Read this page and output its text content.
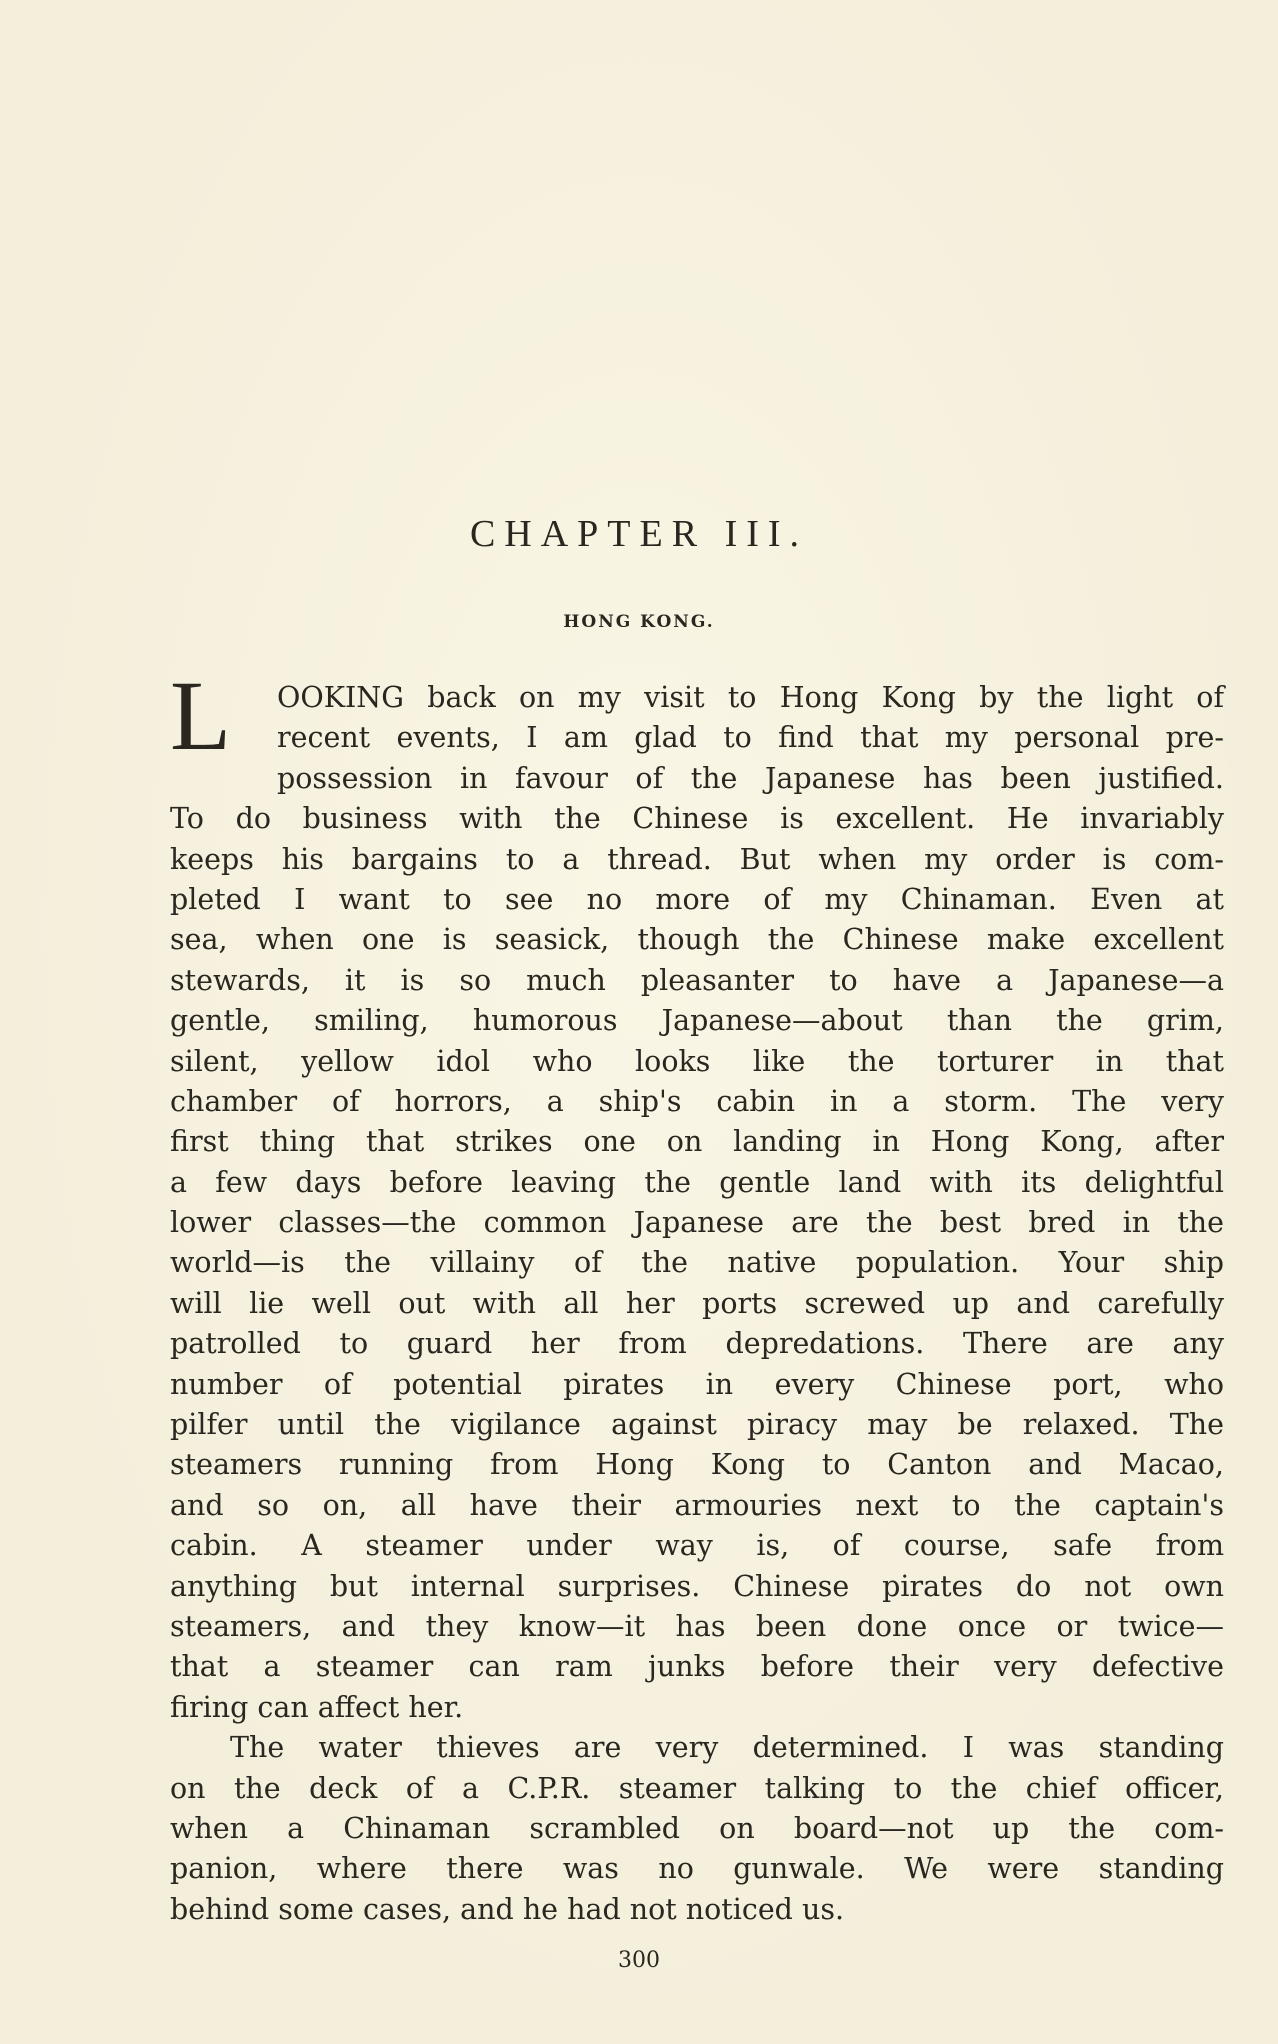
CHAPTER III.
HONG KONG.
L	OOKING back on my visit to Hong Kong by the light of
recent events, I am glad to find that my personal pre-
possession in favour of the Japanese has been justified.
To do business with the Chinese is excellent. He invariably
keeps his bargains to a thread. But when my order is com-
pleted I want to see no more of my Chinaman. Even at
sea, when one is seasick, though the Chinese make excellent
stewards, it is so much pleasanter to have a Japanese—a
gentle, smiling, humorous Japanese—about than the grim,
silent, yellow idol who looks like the torturer in that
chamber of horrors, a ship's cabin in a storm. The very
first thing that strikes one on landing in Hong Kong, after
a few days before leaving the gentle land with its delightful
lower classes—the common Japanese are the best bred in the
world—is the villainy of the native population. Your ship
will lie well out with all her ports screwed up and carefully
patrolled to guard her from depredations. There are any
number of potential pirates in every Chinese port, who
pilfer until the vigilance against piracy may be relaxed. The
steamers running from Hong Kong to Canton and Macao,
and so on, all have their armouries next to the captain's
cabin. A steamer under way is, of course, safe from
anything but internal surprises. Chinese pirates do not own
steamers, and they know—it has been done once or twice—
that a steamer can ram junks before their very defective
firing can affect her.
The water thieves are very determined. I was standing
on the deck of a C.P.R. steamer talking to the chief officer,
when a Chinaman scrambled on board—not up the com-
panion, where there was no gunwale. We were standing
behind some cases, and he had not noticed us.
300
